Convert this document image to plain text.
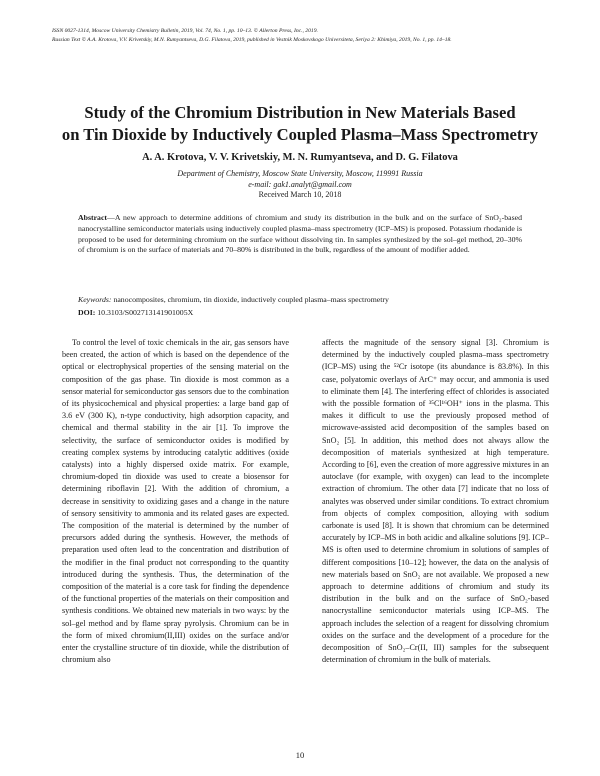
ISSN 0027-1314, Moscow University Chemistry Bulletin, 2019, Vol. 74, No. 1, pp. 10–13. © Allerton Press, Inc., 2019.
Russian Text © A.A. Krotova, V.V. Krivetskiy, M.N. Rumyantseva, D.G. Filatova, 2019, published in Vestnik Moskovskogo Universiteta, Seriya 2: Khimiya, 2019, No. 1, pp. 14–18.
Study of the Chromium Distribution in New Materials Based
on Tin Dioxide by Inductively Coupled Plasma–Mass Spectrometry
A. A. Krotova, V. V. Krivetskiy, M. N. Rumyantseva, and D. G. Filatova
Department of Chemistry, Moscow State University, Moscow, 119991 Russia
e-mail: gak1.analyt@gmail.com
Received March 10, 2018
Abstract—A new approach to determine additions of chromium and study its distribution in the bulk and on the surface of SnO₂-based nanocrystalline semiconductor materials using inductively coupled plasma–mass spectrometry (ICP–MS) is proposed. Potassium rhodanide is proposed to be used for determining chromium on the surface without dissolving tin. In samples synthesized by the sol–gel method, 20–30% of chromium is on the surface of materials and 70–80% is distributed in the bulk, regardless of the amount of modifier added.
Keywords: nanocomposites, chromium, tin dioxide, inductively coupled plasma–mass spectrometry
DOI: 10.3103/S002713141901005X
To control the level of toxic chemicals in the air, gas sensors have been created, the action of which is based on the dependence of the optical or electrophysical properties of the sensing material on the composition of the gas phase. Tin dioxide is most common as a sensor material for semiconductor gas sensors due to the combination of its physicochemical and physical properties: a large band gap of 3.6 eV (300 K), n-type conductivity, high adsorption capacity, and chemical and thermal stability in the air [1]. To improve the selectivity, the surface of semiconductor oxides is modified by creating complex systems by introducing catalytic additives (oxide catalysts) into a highly dispersed oxide matrix. For example, chromium-doped tin dioxide was used to create a biosensor for determining riboflavin [2]. With the addition of chromium, a decrease in sensitivity to oxidizing gases and a change in the nature of sensory sensitivity to ammonia and its related gases are expected. The composition of the material is determined by the number of precursors added during the synthesis. However, the methods of preparation used often lead to the concentration and distribution of the modifier in the final product not corresponding to the quantity introduced during the synthesis. Thus, the determination of the composition of the material is a core task for finding the dependence of the functional properties of the materials on their composition and synthesis conditions. We obtained new materials in two ways: by the sol–gel method and by flame spray pyrolysis. Chromium can be in the form of mixed chromium(II,III) oxides on the surface and/or enter the crystalline structure of tin dioxide, while the distribution of chromium also
affects the magnitude of the sensory signal [3]. Chromium is determined by the inductively coupled plasma–mass spectrometry (ICP–MS) using the ⁵²Cr isotope (its abundance is 83.8%). In this case, polyatomic overlays of ArC⁺ may occur, and ammonia is used to eliminate them [4]. The interfering effect of chlorides is associated with the possible formation of ³⁵Cl¹⁶OH⁺ ions in the plasma. This makes it difficult to use the previously proposed method of microwave-assisted acid decomposition of the samples based on SnO₂ [5]. In addition, this method does not always allow the decomposition of materials synthesized at high temperature. According to [6], even the creation of more aggressive mixtures in an autoclave (for example, with oxygen) can lead to the incomplete extraction of chromium. The other data [7] indicate that no loss of analytes was observed under similar conditions. To extract chromium from objects of complex composition, alloying with sodium carbonate is used [8]. It is shown that chromium can be determined accurately by ICP–MS in both acidic and alkaline solutions [9]. ICP–MS is often used to determine chromium in solutions of samples of different compositions [10–12]; however, the data on the analysis of new materials based on SnO₂ are not available. We proposed a new approach to determine additions of chromium and study its distribution in the bulk and on the surface of SnO₂-based nanocrystalline semiconductor materials using ICP–MS. The approach includes the selection of a reagent for dissolving chromium oxides on the surface and the development of a procedure for the decomposition of SnO₂–Cr(II, III) samples for the subsequent determination of chromium in the bulk of materials.
10
